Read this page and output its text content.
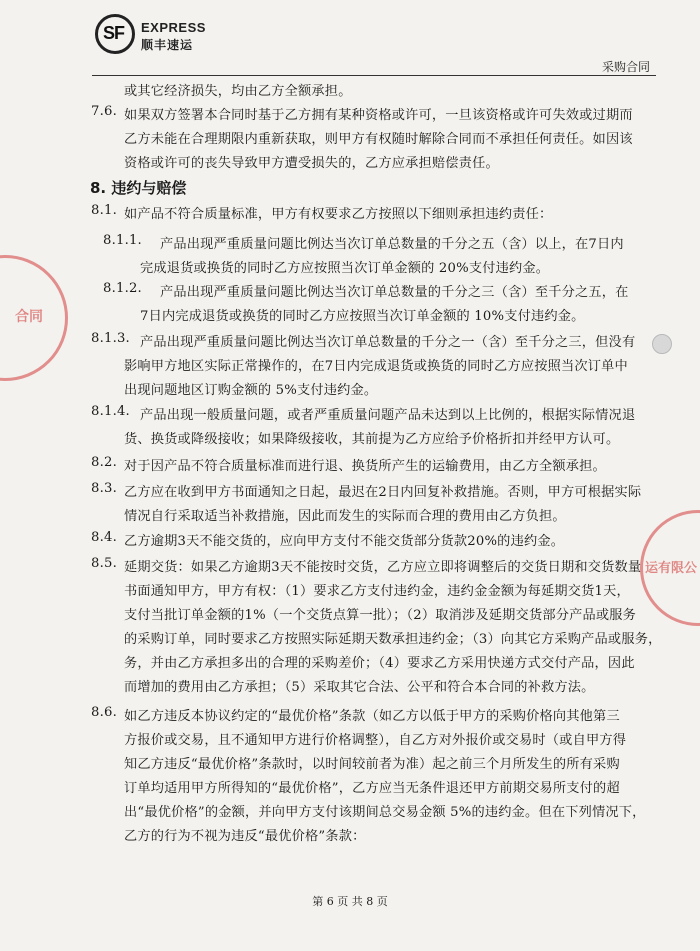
SF EXPRESS
顺丰速运
采购合同
8. 违约与赔偿
或其它经济损失，均由乙方全额承担。
7.6. 如果双方签署本合同时基于乙方拥有某种资格或许可，一旦该资格或许可失效或过期而
乙方未能在合理期限内重新获取，则甲方有权随时解除合同而不承担任何责任。如因该
资格或许可的丧失导致甲方遭受损失的，乙方应承担赔偿责任。
8.1. 如产品不符合质量标准，甲方有权要求乙方按照以下细则承担违约责任：
8.1.1. 产品出现严重质量问题比例达当次订单总数量的千分之五（含）以上，在7日内
完成退货或换货的同时乙方应按照当次订单金额的 20%支付违约金。
8.1.2. 产品出现严重质量问题比例达当次订单总数量的千分之三（含）至千分之五，在
7日内完成退货或换货的同时乙方应按照当次订单金额的 10%支付违约金。
8.1.3. 产品出现严重质量问题比例达当次订单总数量的千分之一（含）至千分之三，但没有
影响甲方地区实际正常操作的，在7日内完成退货或换货的同时乙方应按照当次订单中
出现问题地区订购金额的 5%支付违约金。
8.1.4. 产品出现一般质量问题，或者严重质量问题产品未达到以上比例的，根据实际情况退
货、换货或降级接收；如果降级接收，其前提为乙方应给予价格折扣并经甲方认可。
8.2. 对于因产品不符合质量标准而进行退、换货所产生的运输费用，由乙方全额承担。
8.3. 乙方应在收到甲方书面通知之日起，最迟在2日内回复补救措施。否则，甲方可根据实际
情况自行采取适当补救措施，因此而发生的实际而合理的费用由乙方负担。
8.4. 乙方逾期3天不能交货的，应向甲方支付不能交货部分货款20%的违约金。
8.5. 延期交货：如果乙方逾期3天不能按时交货，乙方应立即将调整后的交货日期和交货数量
书面通知甲方，甲方有权：（1）要求乙方支付违约金，违约金金额为每延期交货1天，
支付当批订单金额的1%（一个交货点算一批）；（2）取消涉及延期交货部分产品或服务
的采购订单，同时要求乙方按照实际延期天数承担违约金；（3）向其它方采购产品或服务，
务，并由乙方承担多出的合理的采购差价；（4）要求乙方采用快递方式交付产品，因此
而增加的费用由乙方承担；（5）采取其它合法、公平和符合本合同的补救方法。
8.6. 如乙方违反本协议约定的“最优价格”条款（如乙方以低于甲方的采购价格向其他第三
方报价或交易，且不通知甲方进行价格调整），自乙方对外报价或交易时（或自甲方得
知乙方违反“最优价格”条款时，以时间较前者为准）起之前三个月所发生的所有采购
订单均适用甲方所得知的“最优价格”，乙方应当无条件退还甲方前期交易所支付的超
出“最优价格”的金额，并向甲方支付该期间总交易金额 5%的违约金。但在下列情况下，
乙方的行为不视为违反“最优价格”条款：
合同
运有限公
第 6 页 共 8 页
